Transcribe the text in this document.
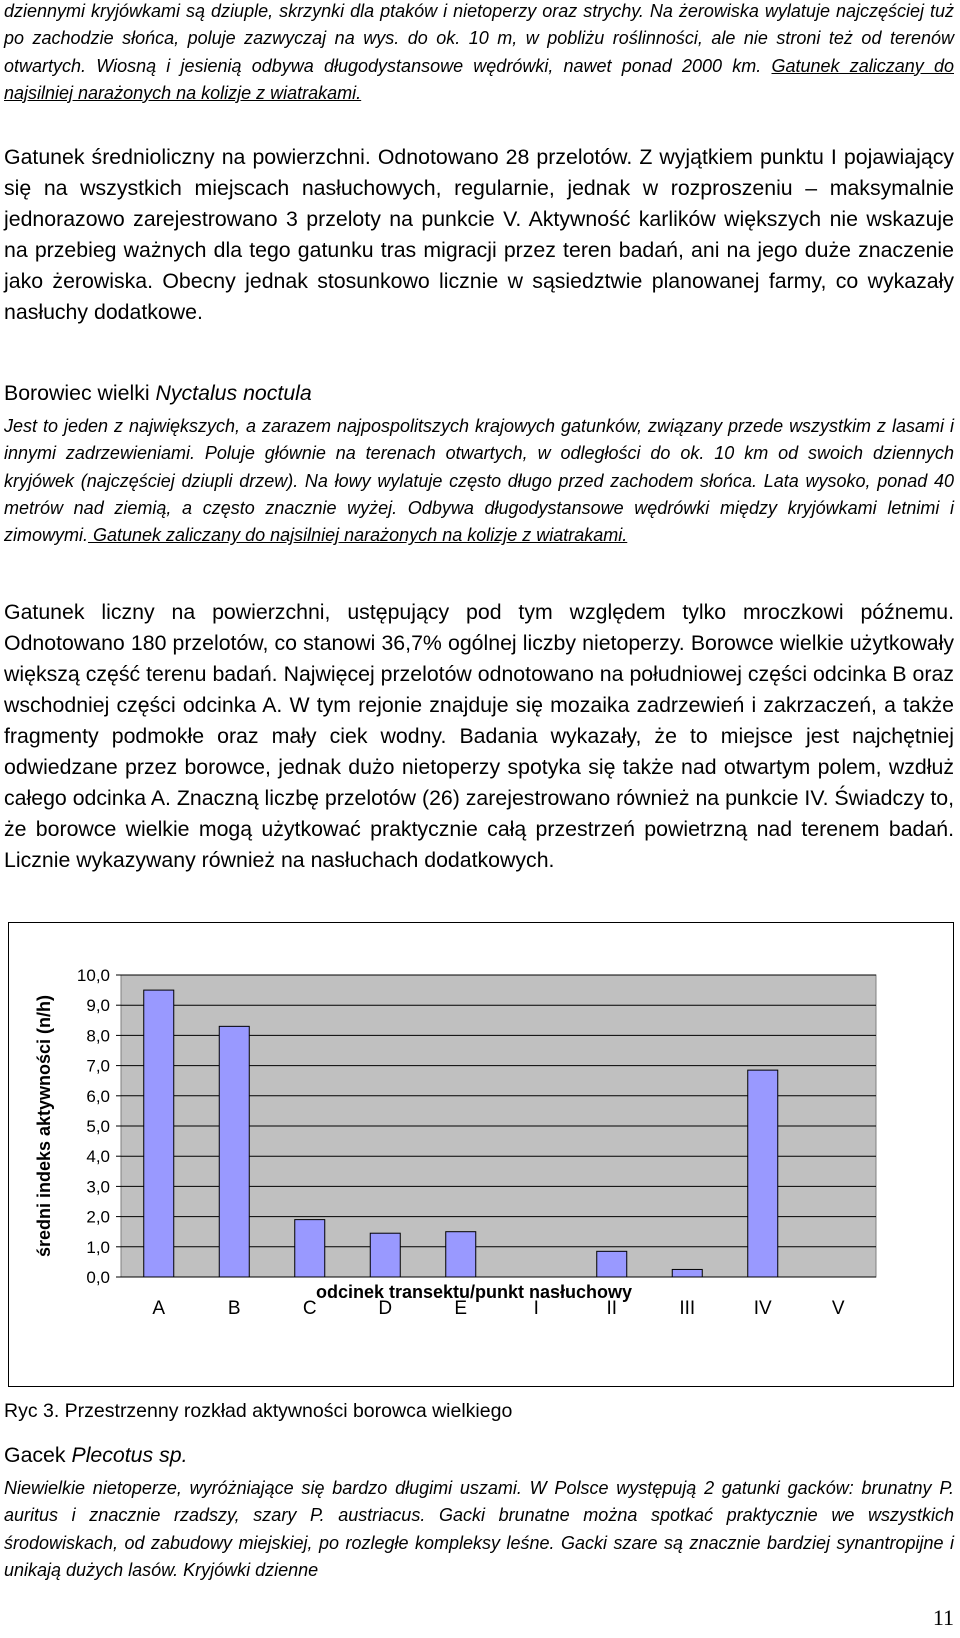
dziennymi kryjówkami są dziuple, skrzynki dla ptaków i nietoperzy oraz strychy. Na żerowiska wylatuje najczęściej tuż po zachodzie słońca, poluje zazwyczaj na wys. do ok. 10 m, w pobliżu roślinności, ale nie stroni też od terenów otwartych. Wiosną i jesienią odbywa długodystansowe wędrówki, nawet ponad 2000 km. Gatunek zaliczany do najsilniej narażonych na kolizje z wiatrakami.

Gatunek średnioliczny na powierzchni. Odnotowano 28 przelotów. Z wyjątkiem punktu I pojawiający się na wszystkich miejscach nasłuchowych, regularnie, jednak w rozproszeniu – maksymalnie jednorazowo zarejestrowano 3 przeloty na punkcie V. Aktywność karlików większych nie wskazuje na przebieg ważnych dla tego gatunku tras migracji przez teren badań, ani na jego duże znaczenie jako żerowiska. Obecny jednak stosunkowo licznie w sąsiedztwie planowanej farmy, co wykazały nasłuchy dodatkowe.

Borowiec wielki Nyctalus noctula

Jest to jeden z największych, a zarazem najpospolitszych krajowych gatunków, związany przede wszystkim z lasami i innymi zadrzewieniami. Poluje głównie na terenach otwartych, w odległości do ok. 10 km od swoich dziennych kryjówek (najczęściej dziupli drzew). Na łowy wylatuje często długo przed zachodem słońca. Lata wysoko, ponad 40 metrów nad ziemią, a często znacznie wyżej. Odbywa długodystansowe wędrówki między kryjówkami letnimi i zimowymi. Gatunek zaliczany do najsilniej narażonych na kolizje z wiatrakami.

Gatunek liczny na powierzchni, ustępujący pod tym względem tylko mroczkowi późnemu. Odnotowano 180 przelotów, co stanowi 36,7% ogólnej liczby nietoperzy. Borowce wielkie użytkowały większą część terenu badań. Najwięcej przelotów odnotowano na południowej części odcinka B oraz wschodniej części odcinka A. W tym rejonie znajduje się mozaika zadrzewień i zakrzaczeń, a także fragmenty podmokłe oraz mały ciek wodny. Badania wykazały, że to miejsce jest najchętniej odwiedzane przez borowce, jednak dużo nietoperzy spotyka się także nad otwartym polem, wzdłuż całego odcinka A. Znaczną liczbę przelotów (26) zarejestrowano również na punkcie IV. Świadczy to, że borowce wielkie mogą użytkować praktycznie całą przestrzeń powietrzną nad terenem badań. Licznie wykazywany również na nasłuchach dodatkowych.

0,0
1,0
2,0
3,0
4,0
5,0
6,0
7,0
8,0
9,0
10,0
A	B	C	D	E	I	II	III	IV	V
średni indeks aktywności (n/h)
odcinek transektu/punkt nasłuchowy

Ryc 3. Przestrzenny rozkład aktywności borowca wielkiego

Gacek Plecotus sp.

Niewielkie nietoperze, wyróżniające się bardzo długimi uszami. W Polsce występują 2 gatunki gacków: brunatny P. auritus i znacznie rzadszy, szary P. austriacus. Gacki brunatne można spotkać praktycznie we wszystkich środowiskach, od zabudowy miejskiej, po rozległe kompleksy leśne. Gacki szare są znacznie bardziej synantropijne i unikają dużych lasów. Kryjówki dzienne

11
